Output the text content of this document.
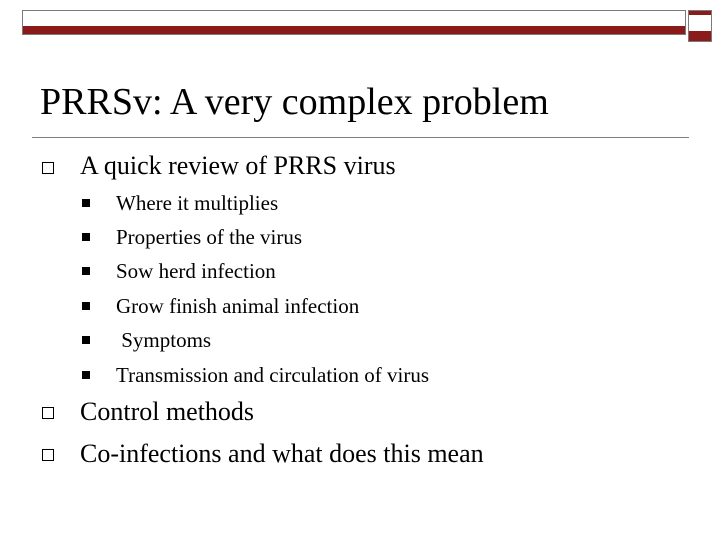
PRRSv: A very complex problem
A quick review of PRRS virus
Where it multiplies
Properties of the virus
Sow herd infection
Grow finish animal infection
Symptoms
Transmission and circulation of virus
Control methods
Co-infections and what does this mean
